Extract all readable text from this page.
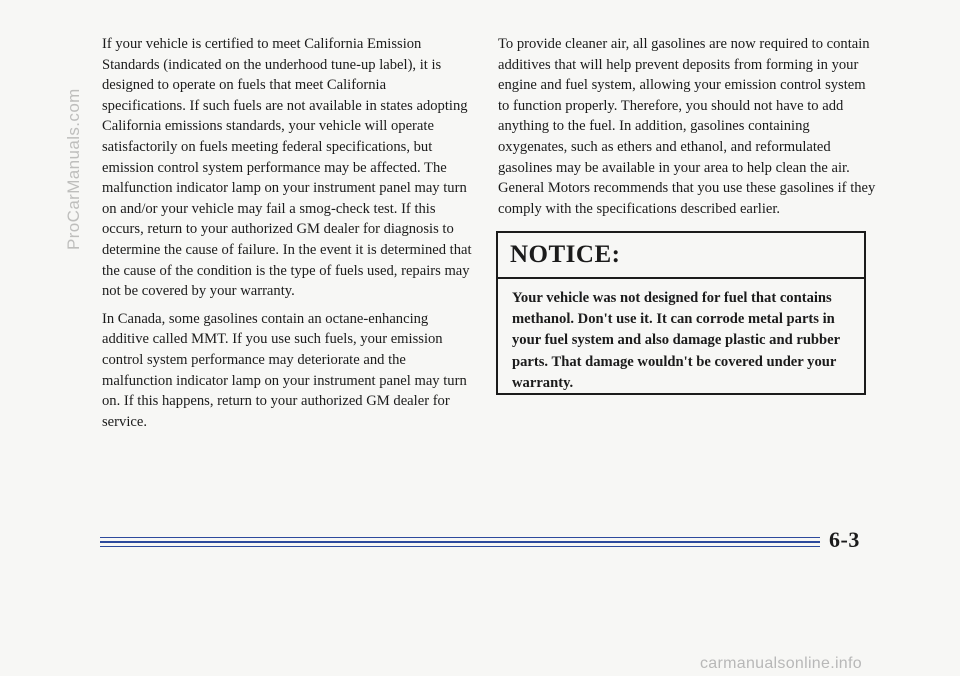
If your vehicle is certified to meet California Emission Standards (indicated on the underhood tune-up label), it is designed to operate on fuels that meet California specifications. If such fuels are not available in states adopting California emissions standards, your vehicle will operate satisfactorily on fuels meeting federal specifications, but emission control system performance may be affected. The malfunction indicator lamp on your instrument panel may turn on and/or your vehicle may fail a smog-check test. If this occurs, return to your authorized GM dealer for diagnosis to determine the cause of failure. In the event it is determined that the cause of the condition is the type of fuels used, repairs may not be covered by your warranty.

In Canada, some gasolines contain an octane-enhancing additive called MMT. If you use such fuels, your emission control system performance may deteriorate and the malfunction indicator lamp on your instrument panel may turn on. If this happens, return to your authorized GM dealer for service.

To provide cleaner air, all gasolines are now required to contain additives that will help prevent deposits from forming in your engine and fuel system, allowing your emission control system to function properly. Therefore, you should not have to add anything to the fuel. In addition, gasolines containing oxygenates, such as ethers and ethanol, and reformulated gasolines may be available in your area to help clean the air. General Motors recommends that you use these gasolines if they comply with the specifications described earlier.

NOTICE:
Your vehicle was not designed for fuel that contains methanol. Don't use it. It can corrode metal parts in your fuel system and also damage plastic and rubber parts. That damage wouldn't be covered under your warranty.
6-3
ProCarManuals.com
carmanualsonline.info
